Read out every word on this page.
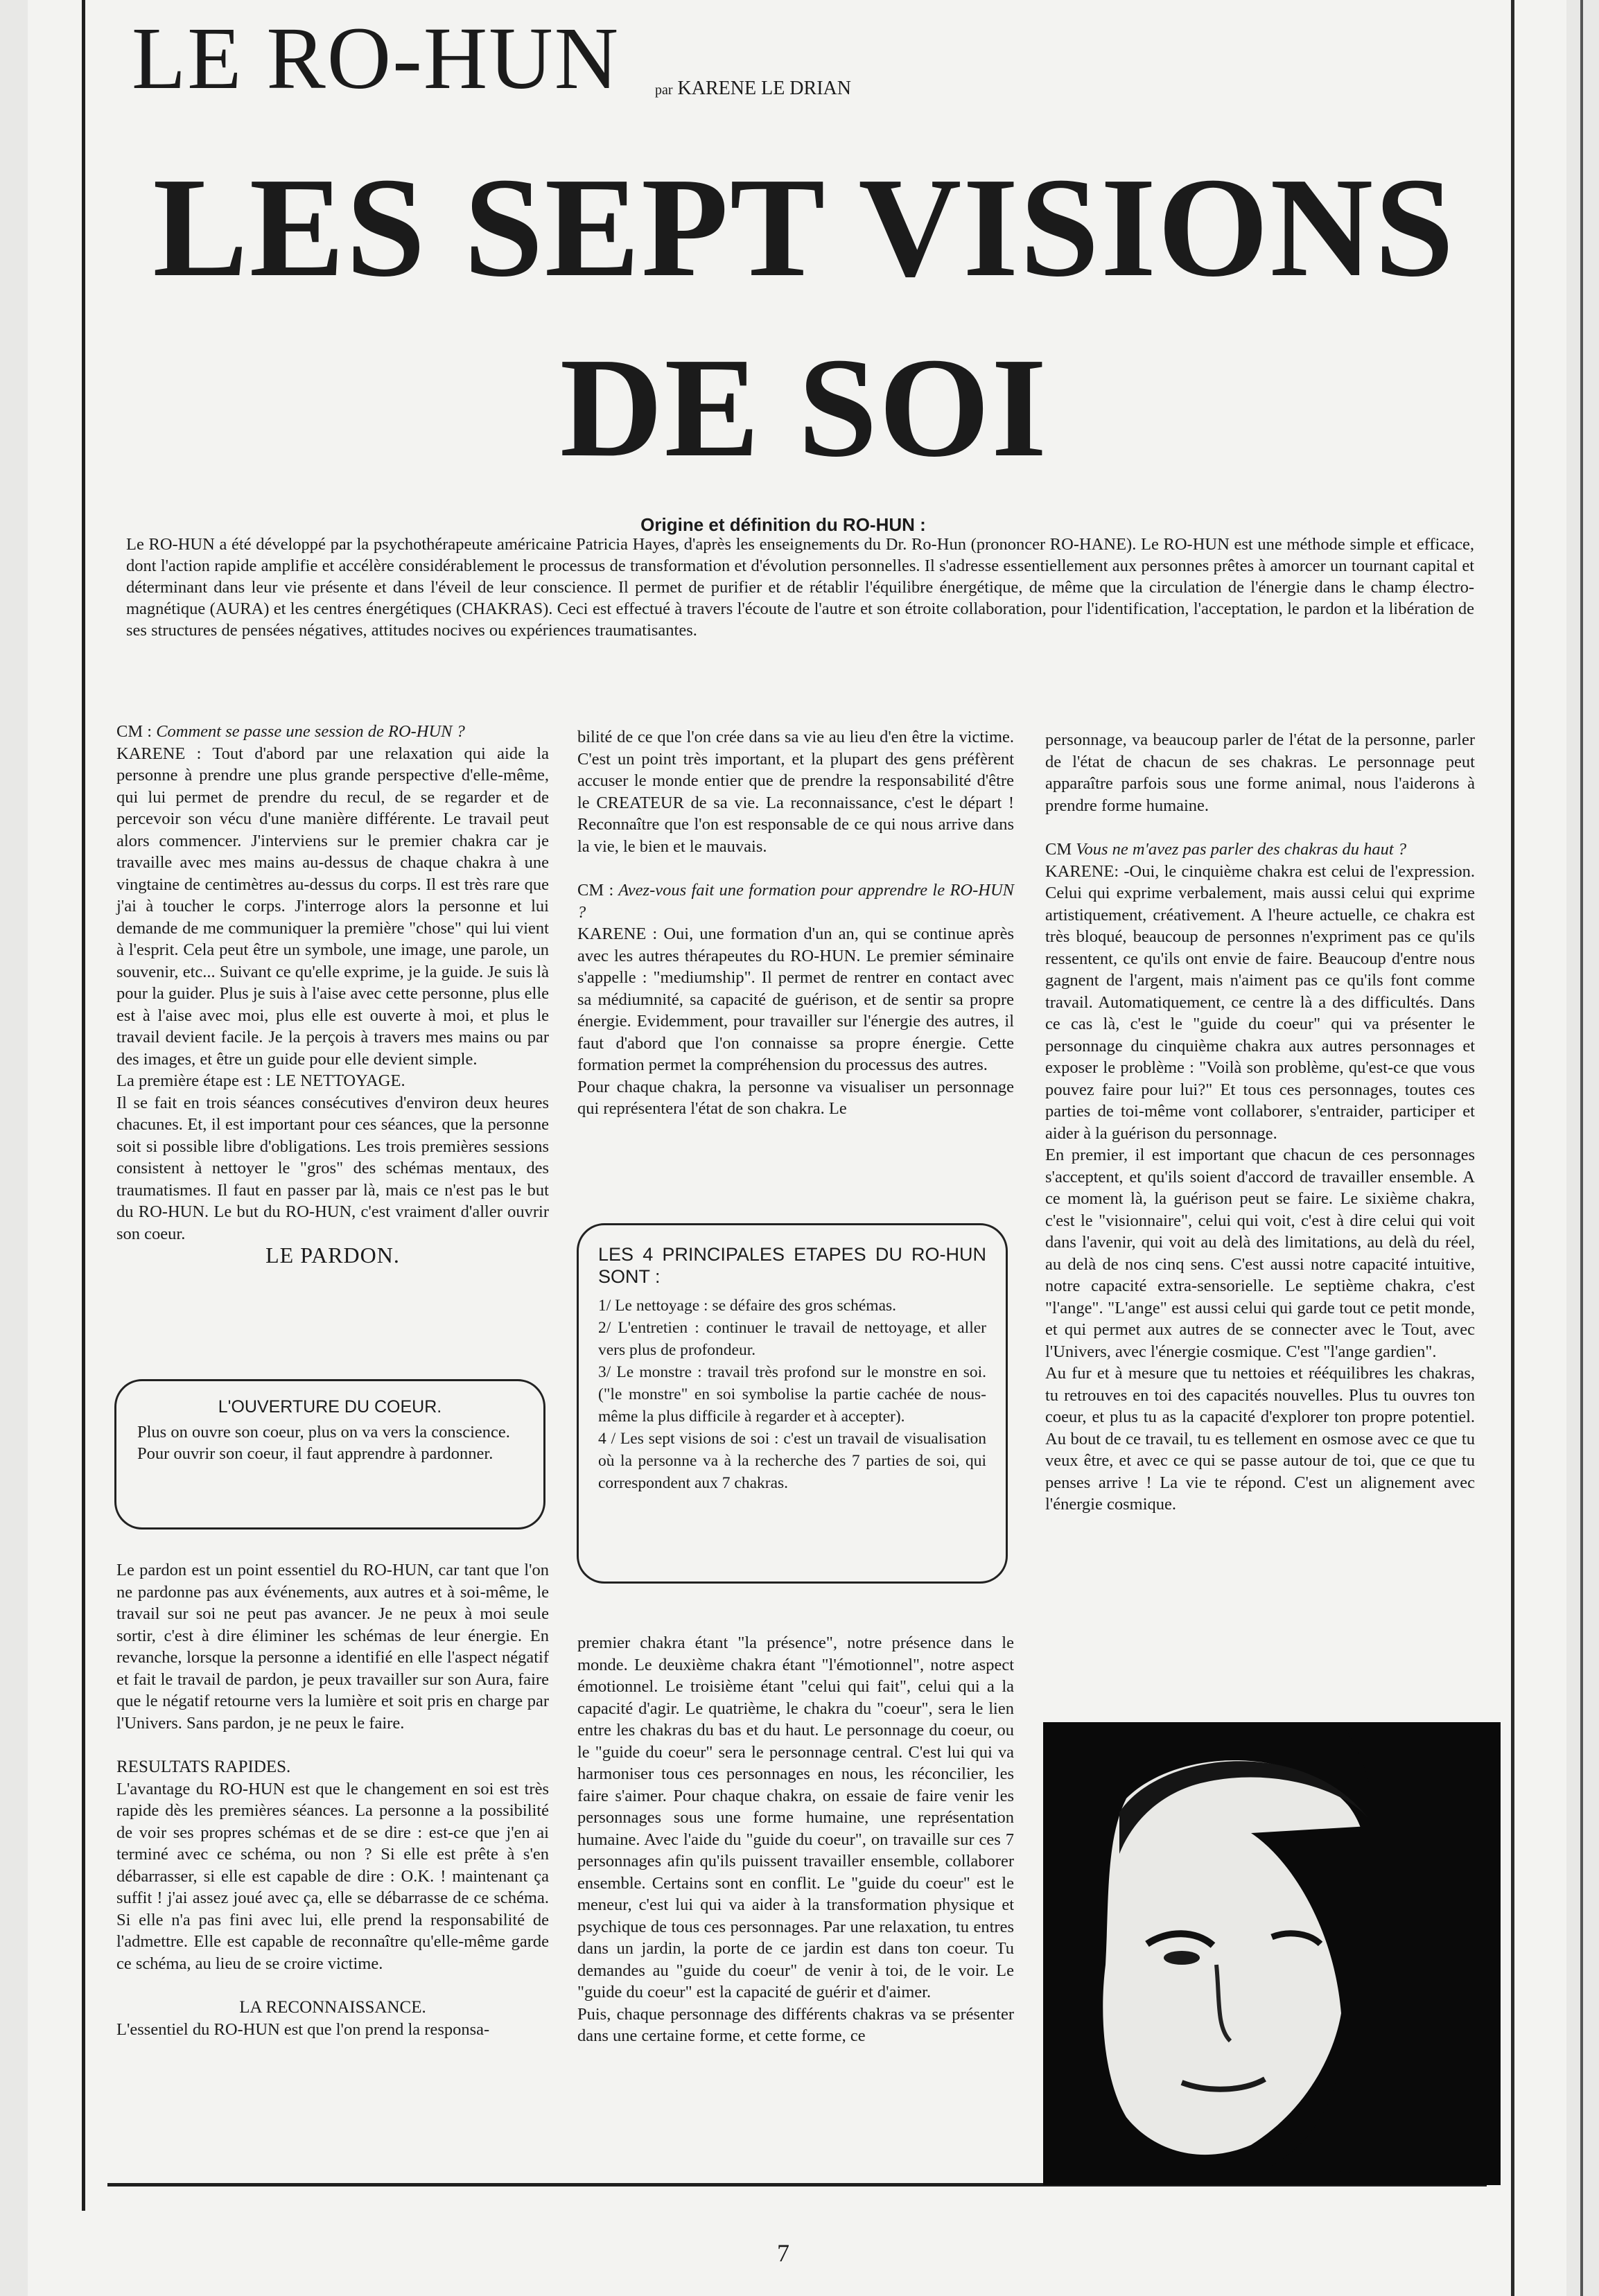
LE RO-HUN	par KARENE LE DRIAN
LES SEPT VISIONS
DE SOI
Origine et définition du RO-HUN :
Le RO-HUN a été développé par la psychothérapeute américaine Patricia Hayes, d'après les enseignements du Dr. Ro-Hun (prononcer RO-HANE). Le RO-HUN est une méthode simple et efficace, dont l'action rapide amplifie et accélère considérablement le processus de transformation et d'évolution personnelles. Il s'adresse essentiellement aux personnes prêtes à amorcer un tournant capital et déterminant dans leur vie présente et dans l'éveil de leur conscience. Il permet de purifier et de rétablir l'équilibre énergétique, de même que la circulation de l'énergie dans le champ électro-magnétique (AURA) et les centres énergétiques (CHAKRAS). Ceci est effectué à travers l'écoute de l'autre et son étroite collaboration, pour l'identification, l'acceptation, le pardon et la libération de ses structures de pensées négatives, attitudes nocives ou expériences traumatisantes.

CM : Comment se passe une session de RO-HUN ?

KARENE : Tout d'abord par une relaxation qui aide la personne à prendre une plus grande perspective d'elle-même, qui lui permet de prendre du recul, de se regarder et de percevoir son vécu d'une manière différente. Le travail peut alors commencer. J'interviens sur le premier chakra car je travaille avec mes mains au-dessus de chaque chakra à une vingtaine de centimètres au-dessus du corps. Il est très rare que j'ai à toucher le corps. J'interroge alors la personne et lui demande de me communiquer la première "chose" qui lui vient à l'esprit. Cela peut être un symbole, une image, une parole, un souvenir, etc... Suivant ce qu'elle exprime, je la guide. Je suis là pour la guider. Plus je suis à l'aise avec cette personne, plus elle est à l'aise avec moi, plus elle est ouverte à moi, et plus le travail devient facile. Je la perçois à travers mes mains ou par des images, et être un guide pour elle devient simple.

La première étape est : LE NETTOYAGE.

Il se fait en trois séances consécutives d'environ deux heures chacunes. Et, il est important pour ces séances, que la personne soit si possible libre d'obligations. Les trois premières sessions consistent à nettoyer le "gros" des schémas mentaux, des traumatismes. Il faut en passer par là, mais ce n'est pas le but du RO-HUN. Le but du RO-HUN, c'est vraiment d'aller ouvrir son coeur.

LE PARDON.

L'OUVERTURE DU COEUR.
Plus on ouvre son coeur, plus on va vers la conscience. Pour ouvrir son coeur, il faut apprendre à pardonner.

Le pardon est un point essentiel du RO-HUN, car tant que l'on ne pardonne pas aux événements, aux autres et à soi-même, le travail sur soi ne peut pas avancer. Je ne peux à moi seule sortir, c'est à dire éliminer les schémas de leur énergie. En revanche, lorsque la personne a identifié en elle l'aspect négatif et fait le travail de pardon, je peux travailler sur son Aura, faire que le négatif retourne vers la lumière et soit pris en charge par l'Univers. Sans pardon, je ne peux le faire.

RESULTATS RAPIDES.

L'avantage du RO-HUN est que le changement en soi est très rapide dès les premières séances. La personne a la possibilité de voir ses propres schémas et de se dire : est-ce que j'en ai terminé avec ce schéma, ou non ? Si elle est prête à s'en débarrasser, si elle est capable de dire : O.K. ! maintenant ça suffit ! j'ai assez joué avec ça, elle se débarrasse de ce schéma. Si elle n'a pas fini avec lui, elle prend la responsabilité de l'admettre. Elle est capable de reconnaître qu'elle-même garde ce schéma, au lieu de se croire victime.

LA RECONNAISSANCE.

L'essentiel du RO-HUN est que l'on prend la responsa-

bilité de ce que l'on crée dans sa vie au lieu d'en être la victime. C'est un point très important, et la plupart des gens préfèrent accuser le monde entier que de prendre la responsabilité d'être le CREATEUR de sa vie. La reconnaissance, c'est le départ ! Reconnaître que l'on est responsable de ce qui nous arrive dans la vie, le bien et le mauvais.

CM : Avez-vous fait une formation pour apprendre le RO-HUN ?

KARENE : Oui, une formation d'un an, qui se continue après avec les autres thérapeutes du RO-HUN. Le premier séminaire s'appelle : "mediumship". Il permet de rentrer en contact avec sa médiumnité, sa capacité de guérison, et de sentir sa propre énergie. Evidemment, pour travailler sur l'énergie des autres, il faut d'abord que l'on connaisse sa propre énergie. Cette formation permet la compréhension du processus des autres.

Pour chaque chakra, la personne va visualiser un personnage qui représentera l'état de son chakra. Le

LES 4 PRINCIPALES ETAPES DU RO-HUN SONT :
1/ Le nettoyage : se défaire des gros schémas.
2/ L'entretien : continuer le travail de nettoyage, et aller vers plus de profondeur.
3/ Le monstre : travail très profond sur le monstre en soi. ("le monstre" en soi symbolise la partie cachée de nous-même la plus difficile à regarder et à accepter).
4 / Les sept visions de soi : c'est un travail de visualisation où la personne va à la recherche des 7 parties de soi, qui correspondent aux 7 chakras.

premier chakra étant "la présence", notre présence dans le monde. Le deuxième chakra étant "l'émotionnel", notre aspect émotionnel. Le troisième étant "celui qui fait", celui qui a la capacité d'agir. Le quatrième, le chakra du "coeur", sera le lien entre les chakras du bas et du haut. Le personnage du coeur, ou le "guide du coeur" sera le personnage central. C'est lui qui va harmoniser tous ces personnages en nous, les réconcilier, les faire s'aimer. Pour chaque chakra, on essaie de faire venir les personnages sous une forme humaine, une représentation humaine. Avec l'aide du "guide du coeur", on travaille sur ces 7 personnages afin qu'ils puissent travailler ensemble, collaborer ensemble. Certains sont en conflit. Le "guide du coeur" est le meneur, c'est lui qui va aider à la transformation physique et psychique de tous ces personnages. Par une relaxation, tu entres dans un jardin, la porte de ce jardin est dans ton coeur. Tu demandes au "guide du coeur" de venir à toi, de le voir. Le "guide du coeur" est la capacité de guérir et d'aimer.

Puis, chaque personnage des différents chakras va se présenter dans une certaine forme, et cette forme, ce

personnage, va beaucoup parler de l'état de la personne, parler de l'état de chacun de ses chakras. Le personnage peut apparaître parfois sous une forme animal, nous l'aiderons à prendre forme humaine.

CM Vous ne m'avez pas parler des chakras du haut ?

KARENE: -Oui, le cinquième chakra est celui de l'expression. Celui qui exprime verbalement, mais aussi celui qui exprime artistiquement, créativement. A l'heure actuelle, ce chakra est très bloqué, beaucoup de personnes n'expriment pas ce qu'ils ressentent, ce qu'ils ont envie de faire. Beaucoup d'entre nous gagnent de l'argent, mais n'aiment pas ce qu'ils font comme travail. Automatiquement, ce centre là a des difficultés. Dans ce cas là, c'est le "guide du coeur" qui va présenter le personnage du cinquième chakra aux autres personnages et exposer le problème : "Voilà son problème, qu'est-ce que vous pouvez faire pour lui?" Et tous ces personnages, toutes ces parties de toi-même vont collaborer, s'entraider, participer et aider à la guérison du personnage.

En premier, il est important que chacun de ces personnages s'acceptent, et qu'ils soient d'accord de travailler ensemble. A ce moment là, la guérison peut se faire. Le sixième chakra, c'est le "visionnaire", celui qui voit, c'est à dire celui qui voit dans l'avenir, qui voit au delà des limitations, au delà du réel, au delà de nos cinq sens. C'est aussi notre capacité intuitive, notre capacité extra-sensorielle. Le septième chakra, c'est "l'ange". "L'ange" est aussi celui qui garde tout ce petit monde, et qui permet aux autres de se connecter avec le Tout, avec l'Univers, avec l'énergie cosmique. C'est "l'ange gardien".

Au fur et à mesure que tu nettoies et rééquilibres les chakras, tu retrouves en toi des capacités nouvelles. Plus tu ouvres ton coeur, et plus tu as la capacité d'explorer ton propre potentiel. Au bout de ce travail, tu es tellement en osmose avec ce que tu veux être, et avec ce qui se passe autour de toi, que ce que tu penses arrive ! La vie te répond. C'est un alignement avec l'énergie cosmique.

7
